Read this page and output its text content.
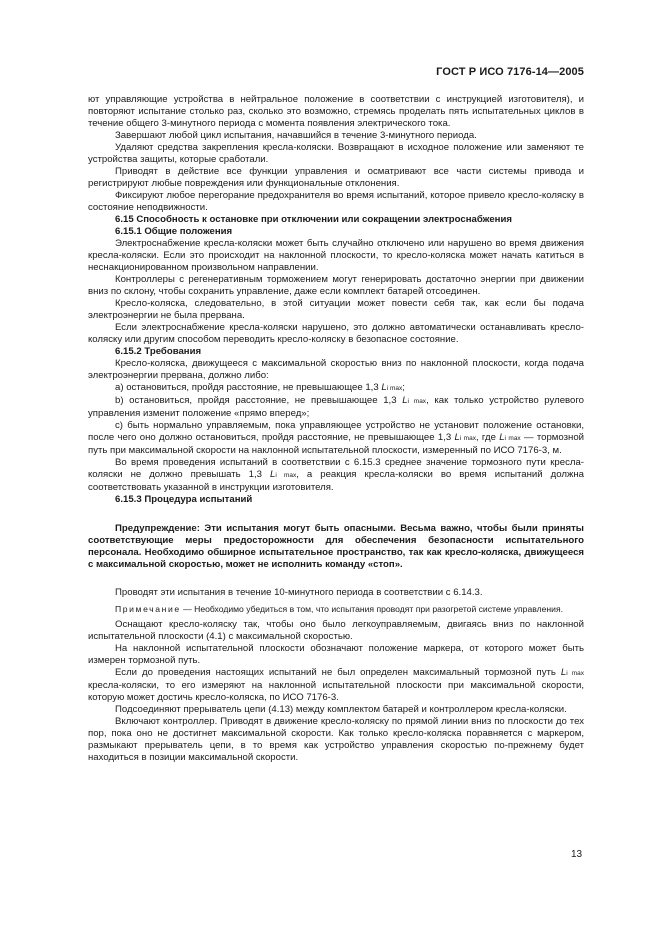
ГОСТ Р ИСО 7176-14—2005

ют управляющие устройства в нейтральное положение в соответствии с инструкцией изготовителя), и повторяют испытание столько раз, сколько это возможно, стремясь проделать пять испытательных циклов в течение общего 3-минутного периода с момента появления электрического тока.

Завершают любой цикл испытания, начавшийся в течение 3-минутного периода.

Удаляют средства закрепления кресла-коляски. Возвращают в исходное положение или заменяют те устройства защиты, которые сработали.

Приводят в действие все функции управления и осматривают все части системы привода и регистрируют любые повреждения или функциональные отклонения.

Фиксируют любое перегорание предохранителя во время испытаний, которое привело кресло-коляску в состояние неподвижности.

6.15 Способность к остановке при отключении или сокращении электроснабжения

6.15.1 Общие положения

Электроснабжение кресла-коляски может быть случайно отключено или нарушено во время движения кресла-коляски. Если это происходит на наклонной плоскости, то кресло-коляска может начать катиться в неснакционированном произвольном направлении.

Контроллеры с регенеративным торможением могут генерировать достаточно энергии при движении вниз по склону, чтобы сохранить управление, даже если комплект батарей отсоединен.

Кресло-коляска, следовательно, в этой ситуации может повести себя так, как если бы подача электроэнергии не была прервана.

Если электроснабжение кресла-коляски нарушено, это должно автоматически останавливать кресло-коляску или другим способом переводить кресло-коляску в безопасное состояние.

6.15.2 Требования

Кресло-коляска, движущееся с максимальной скоростью вниз по наклонной плоскости, когда подача электроэнергии прервана, должно либо:

a) остановиться, пройдя расстояние, не превышающее 1,3 Li max;

b) остановиться, пройдя расстояние, не превышающее 1,3 Li max, как только устройство рулевого управления изменит положение «прямо вперед»;

c) быть нормально управляемым, пока управляющее устройство не установит положение остановки, после чего оно должно остановиться, пройдя расстояние, не превышающее 1,3 Li max, где Li max — тормозной путь при максимальной скорости на наклонной испытательной плоскости, измеренный по ИСО 7176-3, м.

Во время проведения испытаний в соответствии с 6.15.3 среднее значение тормозного пути кресла-коляски не должно превышать 1,3 Li max, а реакция кресла-коляски во время испытаний должна соответствовать указанной в инструкции изготовителя.

6.15.3 Процедура испытаний

Предупреждение: Эти испытания могут быть опасными. Весьма важно, чтобы были приняты соответствующие меры предосторожности для обеспечения безопасности испытательного персонала. Необходимо обширное испытательное пространство, так как кресло-коляска, движущееся с максимальной скоростью, может не исполнить команду «стоп».

Проводят эти испытания в течение 10-минутного периода в соответствии с 6.14.3.

Примечание — Необходимо убедиться в том, что испытания проводят при разогретой системе управления.

Оснащают кресло-коляску так, чтобы оно было легкоуправляемым, двигаясь вниз по наклонной испытательной плоскости (4.1) с максимальной скоростью.

На наклонной испытательной плоскости обозначают положение маркера, от которого может быть измерен тормозной путь.

Если до проведения настоящих испытаний не был определен максимальный тормозной путь Li max кресла-коляски, то его измеряют на наклонной испытательной плоскости при максимальной скорости, которую может достичь кресло-коляска, по ИСО 7176-3.

Подсоединяют прерыватель цепи (4.13) между комплектом батарей и контроллером кресла-коляски.

Включают контроллер. Приводят в движение кресло-коляску по прямой линии вниз по плоскости до тех пор, пока оно не достигнет максимальной скорости. Как только кресло-коляска поравняется с маркером, размыкают прерыватель цепи, в то время как устройство управления скоростью по-прежнему будет находиться в позиции максимальной скорости.

13
